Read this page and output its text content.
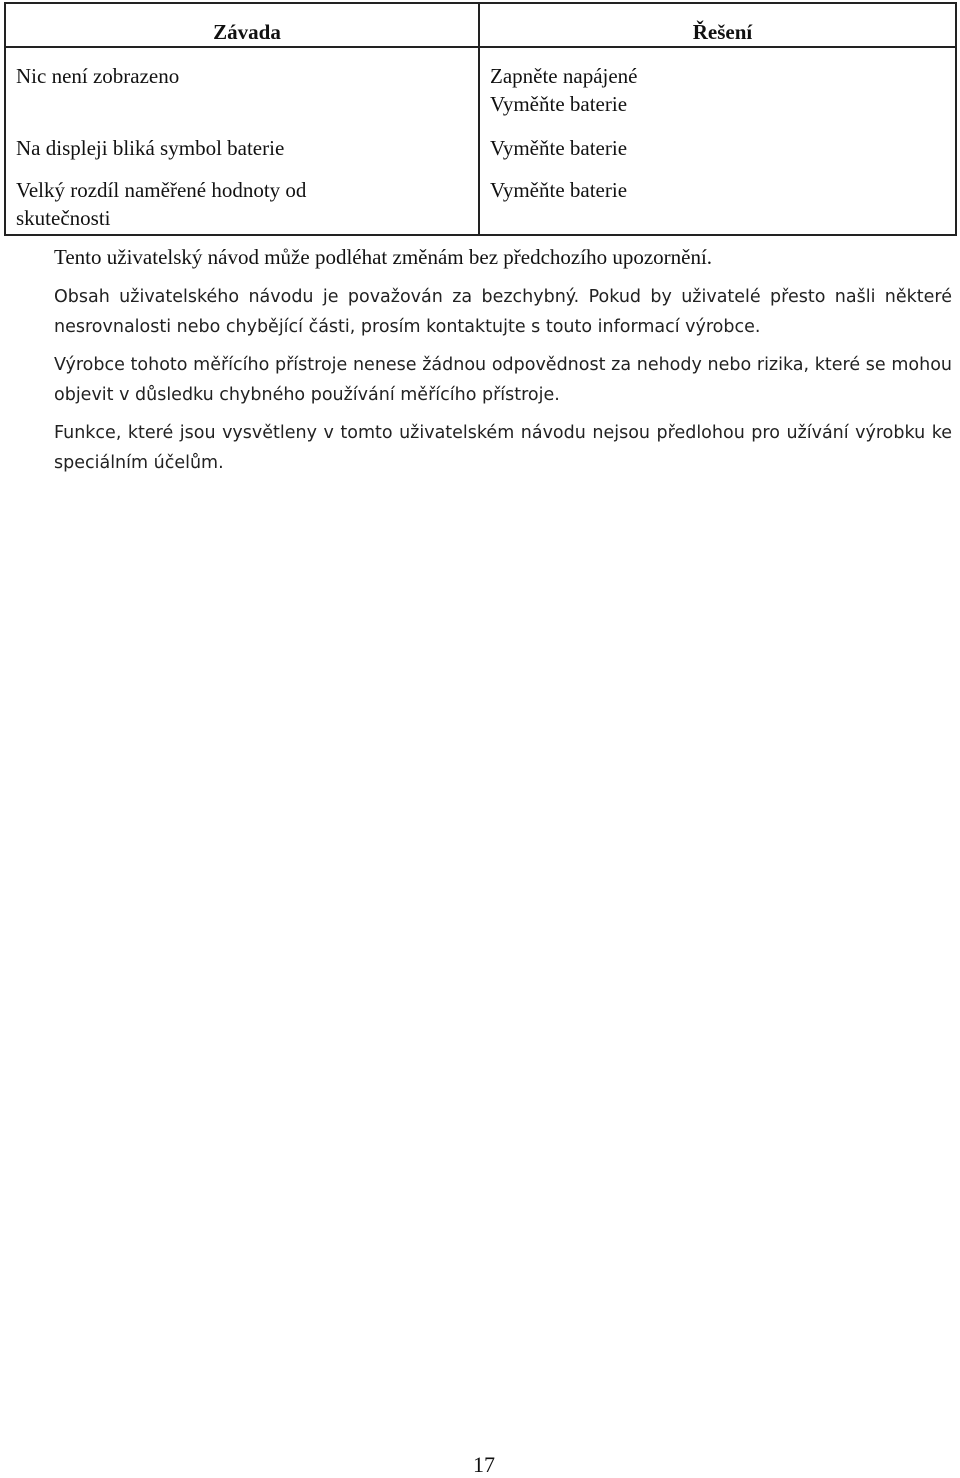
Závada	Řešení

Nic není zobrazeno	Zapněte napájené
Vyměňte baterie

Na displeji bliká symbol baterie	Vyměňte baterie

Velký rozdíl naměřené hodnoty od
skutečnosti	Vyměňte baterie

Tento uživatelský návod může podléhat změnám bez předchozího upozornění.

Obsah uživatelského návodu je považován za bezchybný. Pokud by uživatelé přesto našli některé nesrovnalosti nebo chybějící části, prosím kontaktujte s touto informací výrobce.

Výrobce tohoto měřícího přístroje nenese žádnou odpovědnost za nehody nebo rizika, které se mohou objevit v důsledku chybného používání měřícího přístroje.

Funkce, které jsou vysvětleny v tomto uživatelském návodu nejsou předlohou pro užívání výrobku ke speciálním účelům.

17
